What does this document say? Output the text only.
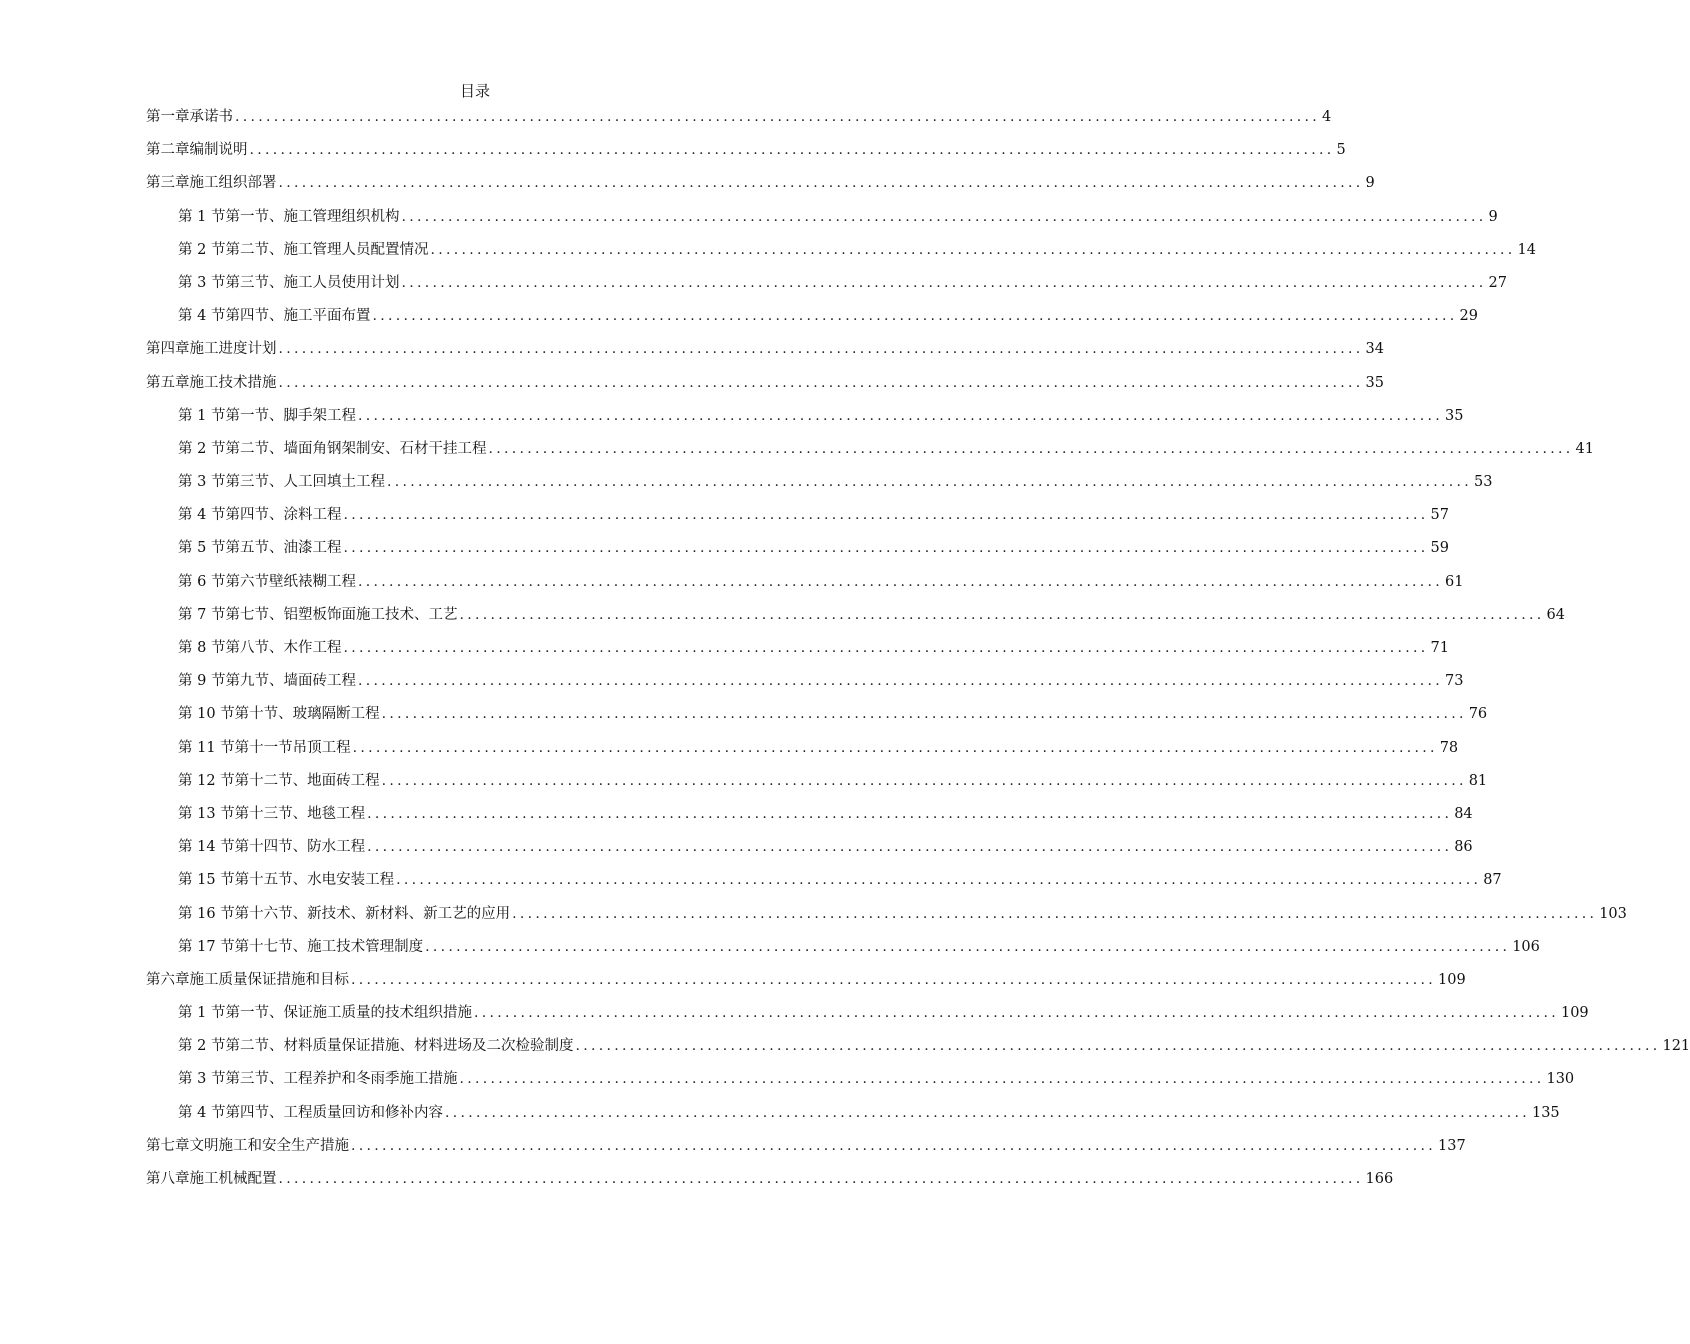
目录
第一章 承诺书 ............................................................................................................................................ 4
第二章 编制说明 ............................................................................................................................................ 5
第三章 施工组织部署 ............................................................................................................................................ 9
第 1 节 第一节、施工管理组织机构 ............................................................................................................................................ 9
第 2 节 第二节、施工管理人员配置情况 ............................................................................................................................................ 14
第 3 节 第三节、施工人员使用计划 ............................................................................................................................................ 27
第 4 节 第四节、施工平面布置 ............................................................................................................................................ 29
第四章 施工进度计划 ............................................................................................................................................ 34
第五章 施工技术措施 ............................................................................................................................................ 35
第 1 节 第一节、脚手架工程 ............................................................................................................................................ 35
第 2 节 第二节、墙面角钢架制安、石材干挂工程 ............................................................................................................................................ 41
第 3 节 第三节、人工回填土工程 ............................................................................................................................................ 53
第 4 节 第四节、涂料工程 ............................................................................................................................................ 57
第 5 节 第五节、油漆工程 ............................................................................................................................................ 59
第 6 节 第六节壁纸裱糊工程 ............................................................................................................................................ 61
第 7 节 第七节、铝塑板饰面施工技术、工艺 ............................................................................................................................................ 64
第 8 节 第八节、木作工程 ............................................................................................................................................ 71
第 9 节 第九节、墙面砖工程 ............................................................................................................................................ 73
第 10 节 第十节、玻璃隔断工程 ............................................................................................................................................ 76
第 11 节 第十一节吊顶工程 ............................................................................................................................................ 78
第 12 节 第十二节、地面砖工程 ............................................................................................................................................ 81
第 13 节 第十三节、地毯工程 ............................................................................................................................................ 84
第 14 节 第十四节、防水工程 ............................................................................................................................................ 86
第 15 节 第十五节、水电安装工程 ............................................................................................................................................ 87
第 16 节 第十六节、新技术、新材料、新工艺的应用 ............................................................................................................................................ 103
第 17 节 第十七节、施工技术管理制度 ............................................................................................................................................ 106
第六章 施工质量保证措施和目标 ............................................................................................................................................ 109
第 1 节 第一节、保证施工质量的技术组织措施 ............................................................................................................................................ 109
第 2 节 第二节、材料质量保证措施、材料进场及二次检验制度 ............................................................................................................................................ 121
第 3 节 第三节、工程养护和冬雨季施工措施 ............................................................................................................................................ 130
第 4 节 第四节、工程质量回访和修补内容 ............................................................................................................................................ 135
第七章 文明施工和安全生产措施 ............................................................................................................................................ 137
第八章 施工机械配置 ............................................................................................................................................ 166
